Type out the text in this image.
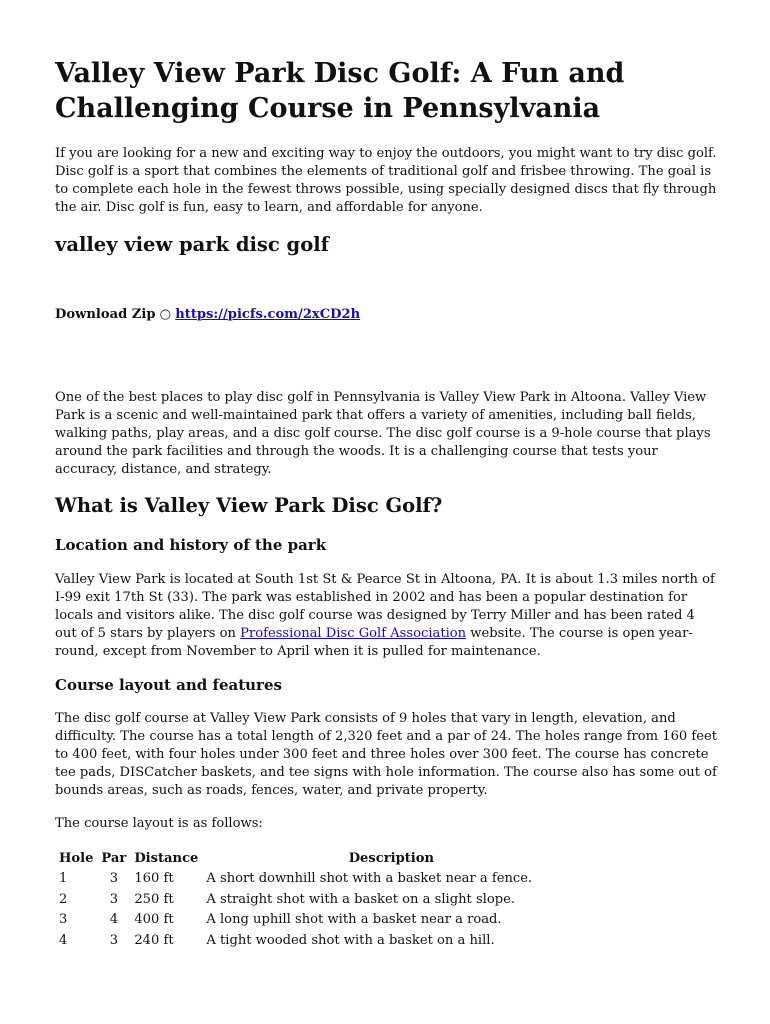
Valley View Park Disc Golf: A Fun and Challenging Course in Pennsylvania

If you are looking for a new and exciting way to enjoy the outdoors, you might want to try disc golf. Disc golf is a sport that combines the elements of traditional golf and frisbee throwing. The goal is to complete each hole in the fewest throws possible, using specially designed discs that fly through the air. Disc golf is fun, easy to learn, and affordable for anyone.

valley view park disc golf
Download Zip ○ https://picfs.com/2xCD2h

One of the best places to play disc golf in Pennsylvania is Valley View Park in Altoona. Valley View Park is a scenic and well-maintained park that offers a variety of amenities, including ball fields, walking paths, play areas, and a disc golf course. The disc golf course is a 9-hole course that plays around the park facilities and through the woods. It is a challenging course that tests your accuracy, distance, and strategy.

What is Valley View Park Disc Golf?
Location and history of the park

Valley View Park is located at South 1st St & Pearce St in Altoona, PA. It is about 1.3 miles north of I-99 exit 17th St (33). The park was established in 2002 and has been a popular destination for locals and visitors alike. The disc golf course was designed by Terry Miller and has been rated 4 out of 5 stars by players on Professional Disc Golf Association website. The course is open year-round, except from November to April when it is pulled for maintenance.

Course layout and features

The disc golf course at Valley View Park consists of 9 holes that vary in length, elevation, and difficulty. The course has a total length of 2,320 feet and a par of 24. The holes range from 160 feet to 400 feet, with four holes under 300 feet and three holes over 300 feet. The course has concrete tee pads, DISCatcher baskets, and tee signs with hole information. The course also has some out of bounds areas, such as roads, fences, water, and private property.

The course layout is as follows:

Hole	Par	Distance	Description
1	3	160 ft	A short downhill shot with a basket near a fence.
2	3	250 ft	A straight shot with a basket on a slight slope.
3	4	400 ft	A long uphill shot with a basket near a road.
4	3	240 ft	A tight wooded shot with a basket on a hill.
